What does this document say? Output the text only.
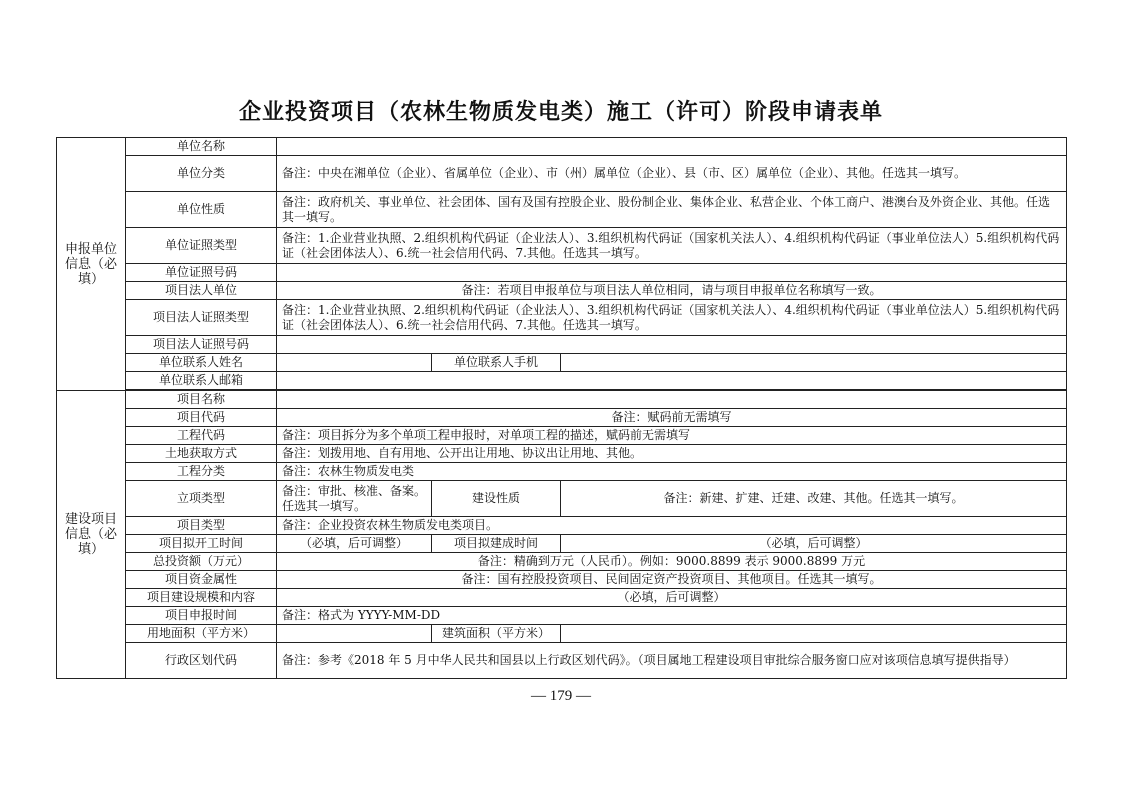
企业投资项目（农林生物质发电类）施工（许可）阶段申请表单
申报单位信息（必填）	单位名称			
	单位分类	备注：中央在湘单位（企业）、省属单位（企业）、市（州）属单位（企业）、县（市、区）属单位（企业）、其他。任选其一填写。		
	单位性质	备注：政府机关、事业单位、社会团体、国有及国有控股企业、股份制企业、集体企业、私营企业、个体工商户、港澳台及外资企业、其他。任选其一填写。		
	单位证照类型	备注：1.企业营业执照、2.组织机构代码证（企业法人）、3.组织机构代码证（国家机关法人）、4.组织机构代码证（事业单位法人）5.组织机构代码证（社会团体法人）、6.统一社会信用代码、7.其他。任选其一填写。		
	单位证照号码			
	项目法人单位	备注：若项目申报单位与项目法人单位相同，请与项目申报单位名称填写一致。		
	项目法人证照类型	备注：1.企业营业执照、2.组织机构代码证（企业法人）、3.组织机构代码证（国家机关法人）、4.组织机构代码证（事业单位法人）5.组织机构代码证（社会团体法人）、6.统一社会信用代码、7.其他。任选其一填写。		
	项目法人证照号码			
	单位联系人姓名		单位联系人手机	
	单位联系人邮箱			

建设项目信息（必填）	项目名称			
	项目代码	备注：赋码前无需填写		
	工程代码	备注：项目拆分为多个单项工程申报时，对单项工程的描述，赋码前无需填写		
	土地获取方式	备注：划拨用地、自有用地、公开出让用地、协议出让用地、其他。		
	工程分类	备注：农林生物质发电类		
	立项类型	备注：审批、核准、备案。任选其一填写。	建设性质	备注：新建、扩建、迁建、改建、其他。任选其一填写。
	项目类型	备注：企业投资农林生物质发电类项目。		
	项目拟开工时间	（必填，后可调整）	项目拟建成时间	（必填，后可调整）
	总投资额（万元）	备注：精确到万元（人民币）。例如：9000.8899 表示 9000.8899 万元		
	项目资金属性	备注：国有控股投资项目、民间固定资产投资项目、其他项目。任选其一填写。		
	项目建设规模和内容	（必填，后可调整）		
	项目申报时间	备注：格式为 YYYY-MM-DD		
	用地面积（平方米）		建筑面积（平方米）	
	行政区划代码	备注：参考《2018 年 5 月中华人民共和国县以上行政区划代码》。（项目属地工程建设项目审批综合服务窗口应对该项信息填写提供指导）		
— 179 —
